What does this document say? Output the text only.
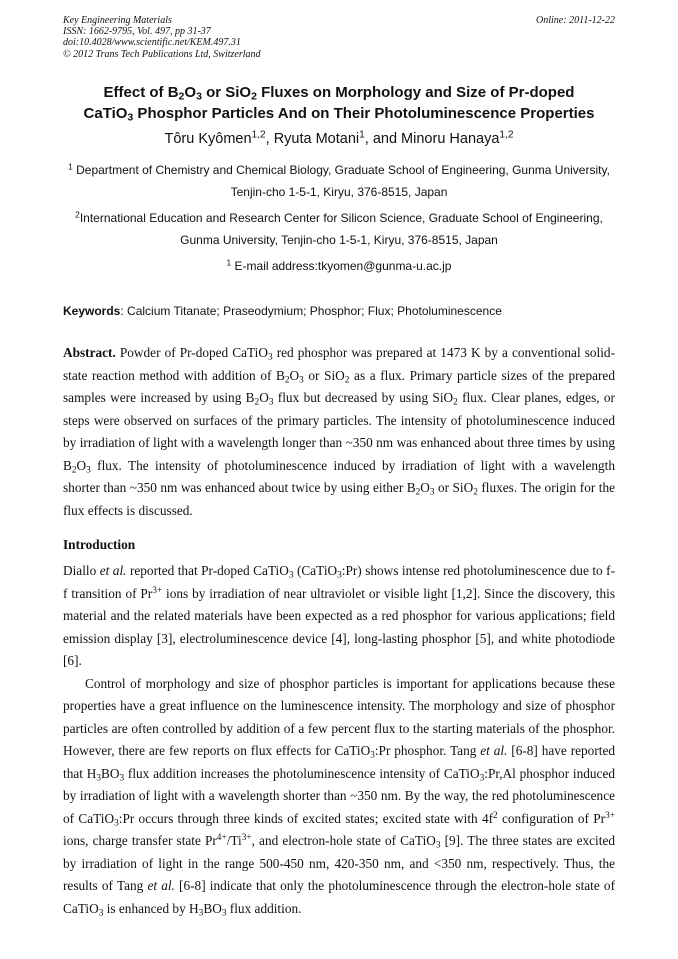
Key Engineering Materials
ISSN: 1662-9795, Vol. 497, pp 31-37
doi:10.4028/www.scientific.net/KEM.497.31
© 2012 Trans Tech Publications Ltd, Switzerland
Online: 2011-12-22
Effect of $B_2O_3$ or SiO$_2$ Fluxes on Morphology and Size of Pr-doped
CaTiO$_3$ Phosphor Particles And on Their Photoluminescence Properties
Tôru Kyômen$^{1,2}$, Ryuta Motani$^1$, and Minoru Hanaya$^{1,2}$
$^1$ Department of Chemistry and Chemical Biology, Graduate School of Engineering, Gunma University, Tenjin-cho 1-5-1, Kiryu, 376-8515, Japan
$^2$International Education and Research Center for Silicon Science, Graduate School of Engineering, Gunma University, Tenjin-cho 1-5-1, Kiryu, 376-8515, Japan
$^1$ E-mail address:tkyomen@gunma-u.ac.jp
Keywords: Calcium Titanate; Praseodymium; Phosphor; Flux; Photoluminescence

Abstract. Powder of Pr-doped CaTiO$_3$ red phosphor was prepared at 1473 K by a conventional solid-state reaction method with addition of $B_2O_3$ or SiO$_2$ as a flux. Primary particle sizes of the prepared samples were increased by using $B_2O_3$ flux but decreased by using SiO$_2$ flux. Clear planes, edges, or steps were observed on surfaces of the primary particles. The intensity of photoluminescence induced by irradiation of light with a wavelength longer than ~350 nm was enhanced about three times by using $B_2O_3$ flux. The intensity of photoluminescence induced by irradiation of light with a wavelength shorter than ~350 nm was enhanced about twice by using either $B_2O_3$ or SiO$_2$ fluxes. The origin for the flux effects is discussed.

Introduction

Diallo et al. reported that Pr-doped CaTiO$_3$ (CaTiO$_3$:Pr) shows intense red photoluminescence due to f-f transition of $Pr^{3+}$ ions by irradiation of near ultraviolet or visible light [1,2]. Since the discovery, this material and the related materials have been expected as a red phosphor for various applications; field emission display [3], electroluminescence device [4], long-lasting phosphor [5], and white photodiode [6].

Control of morphology and size of phosphor particles is important for applications because these properties have a great influence on the luminescence intensity. The morphology and size of phosphor particles are often controlled by addition of a few percent flux to the starting materials of the phosphor. However, there are few reports on flux effects for CaTiO$_3$:Pr phosphor. Tang et al. [6-8] have reported that $H_3BO_3$ flux addition increases the photoluminescence intensity of CaTiO$_3$:Pr,Al phosphor induced by irradiation of light with a wavelength shorter than ~350 nm. By the way, the red photoluminescence of CaTiO$_3$:Pr occurs through three kinds of excited states; excited state with $4f^2$ configuration of $Pr^{3+}$ ions, charge transfer state $Pr^{4+}/Ti^{3+}$, and electron-hole state of CaTiO$_3$ [9]. The three states are excited by irradiation of light in the range 500-450 nm, 420-350 nm, and <350 nm, respectively. Thus, the results of Tang et al. [6-8] indicate that only the photoluminescence through the electron-hole state of CaTiO$_3$ is enhanced by $H_3BO_3$ flux addition.
